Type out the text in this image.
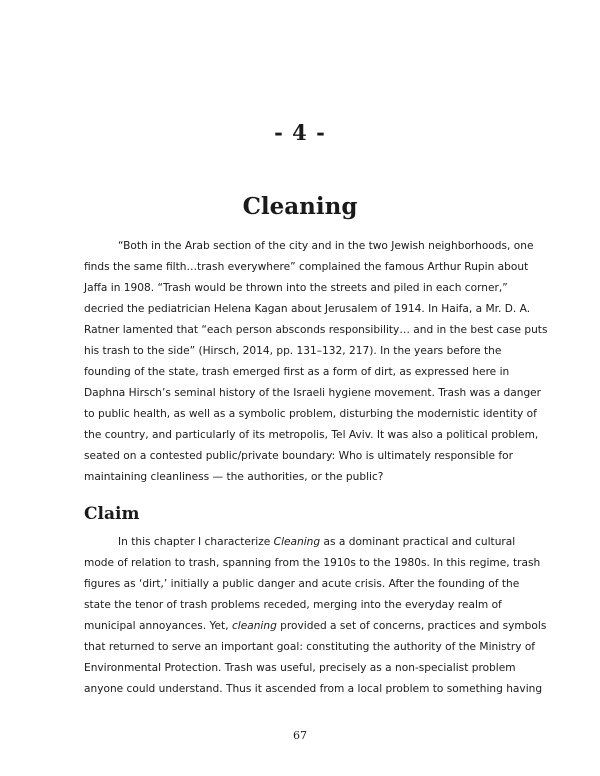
- 4 -
Cleaning
“Both in the Arab section of the city and in the two Jewish neighborhoods, one
finds the same filth…trash everywhere” complained the famous Arthur Rupin about
Jaffa in 1908. “Trash would be thrown into the streets and piled in each corner,”
decried the pediatrician Helena Kagan about Jerusalem of 1914. In Haifa, a Mr. D. A.
Ratner lamented that “each person absconds responsibility… and in the best case puts
his trash to the side” (Hirsch, 2014, pp. 131–132, 217). In the years before the
founding of the state, trash emerged first as a form of dirt, as expressed here in
Daphna Hirsch’s seminal history of the Israeli hygiene movement. Trash was a danger
to public health, as well as a symbolic problem, disturbing the modernistic identity of
the country, and particularly of its metropolis, Tel Aviv. It was also a political problem,
seated on a contested public/private boundary: Who is ultimately responsible for
maintaining cleanliness — the authorities, or the public?
Claim
In this chapter I characterize Cleaning as a dominant practical and cultural
mode of relation to trash, spanning from the 1910s to the 1980s. In this regime, trash
figures as ‘dirt,’ initially a public danger and acute crisis. After the founding of the
state the tenor of trash problems receded, merging into the everyday realm of
municipal annoyances. Yet, cleaning provided a set of concerns, practices and symbols
that returned to serve an important goal: constituting the authority of the Ministry of
Environmental Protection. Trash was useful, precisely as a non-specialist problem
anyone could understand. Thus it ascended from a local problem to something having
67
